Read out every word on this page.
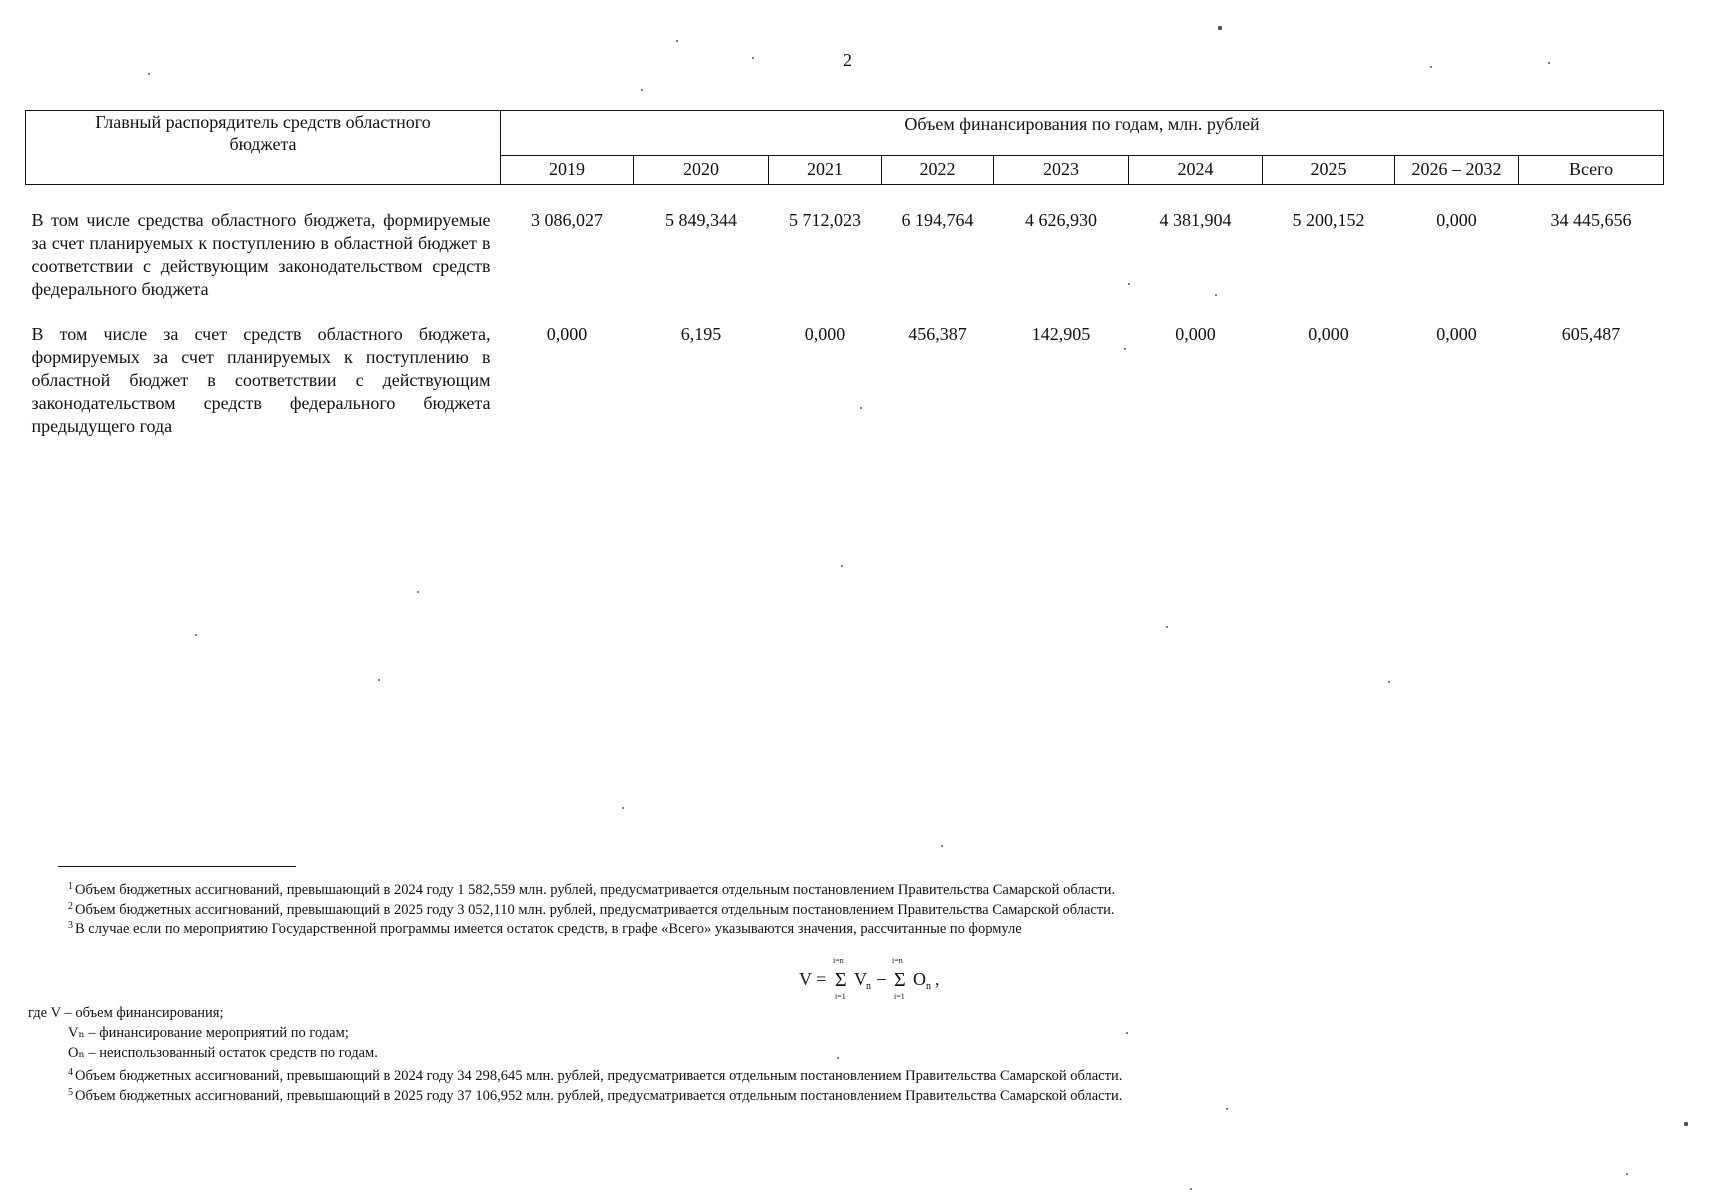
2
Главный распорядитель средств областного бюджета	Объем финансирования по годам, млн. рублей								
	2019	2020	2021	2022	2023	2024	2025	2026 – 2032	Всего

В том числе средства областного бюджета, формируемые за счет планируемых к поступлению в областной бюджет в соответствии с действующим законодательством средств федерального бюджета	3 086,027	5 849,344	5 712,023	6 194,764	4 626,930	4 381,904	5 200,152	0,000	34 445,656

В том числе за счет средств областного бюджета, формируемых за счет планируемых к поступлению в областной бюджет в соответствии с действующим законодательством средств федерального бюджета предыдущего года	0,000	6,195	0,000	456,387	142,905	0,000	0,000	0,000	605,487
$^1$ Объем бюджетных ассигнований, превышающий в 2024 году 1 582,559 млн. рублей, предусматривается отдельным постановлением Правительства Самарской области.
$^2$ Объем бюджетных ассигнований, превышающий в 2025 году 3 052,110 млн. рублей, предусматривается отдельным постановлением Правительства Самарской области.
$^3$ В случае если по мероприятию Государственной программы имеется остаток средств, в графе «Всего» указываются значения, рассчитанные по формуле
где V – объем финансирования;
Vₙ – финансирование мероприятий по годам;
Oₙ – неиспользованный остаток средств по годам.
$^4$ Объем бюджетных ассигнований, превышающий в 2024 году 34 298,645 млн. рублей, предусматривается отдельным постановлением Правительства Самарской области.
$^5$ Объем бюджетных ассигнований, превышающий в 2025 году 37 106,952 млн. рублей, предусматривается отдельным постановлением Правительства Самарской области.
V =
i=n
Σ
i=1
V n –
i=n
Σ
i=1
O n ,
